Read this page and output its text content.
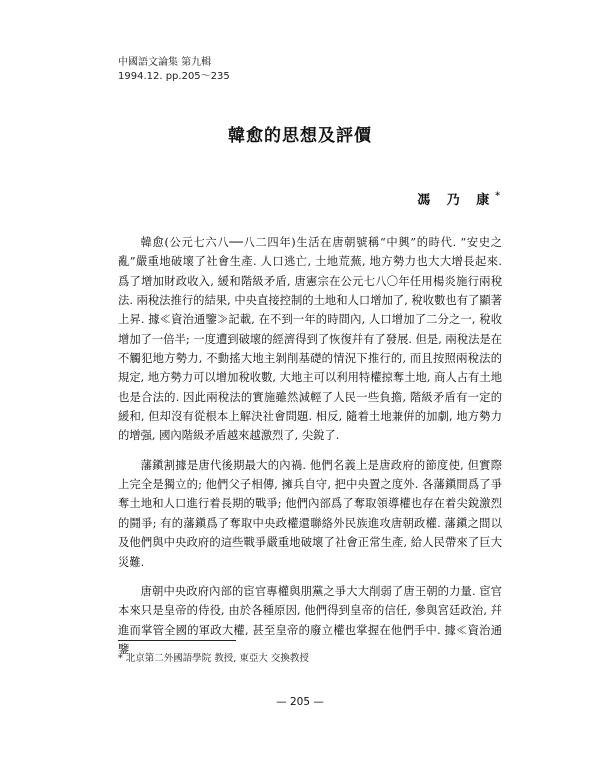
中國語文論集 第九輯
1994.12. pp.205～235
韓愈的思想及評價
馮 乃 康*

韓愈(公元七六八──八二四年)生活在唐朝號稱“中興”的時代. “安史之亂”嚴重地破壞了社會生產. 人口逃亡, 土地荒蕪, 地方勢力也大大增長起來. 爲了增加財政收入, 緩和階級矛盾, 唐憲宗在公元七八〇年任用楊炎施行兩稅法. 兩稅法推行的結果, 中央直接控制的土地和人口增加了, 稅收數也有了顯著上昇. 據≪資治通鑒≫記載, 在不到一年的時間內, 人口增加了二分之一, 稅收增加了一倍半; 一度遭到破壞的經濟得到了恢復幷有了發展. 但是, 兩稅法是在不觸犯地方勢力, 不動搖大地主剝削基礎的情況下推行的, 而且按照兩稅法的規定, 地方勢力可以增加稅收數, 大地主可以利用特權掠奪土地, 商人占有土地也是合法的. 因此兩稅法的實施雖然減輕了人民一些負擔, 階級矛盾有一定的緩和, 但却沒有從根本上解決社會問題. 相反, 隨着土地兼倂的加劇, 地方勢力的增强, 國內階級矛盾越來越激烈了, 尖銳了.

藩鎭割據是唐代後期最大的內禍. 他們名義上是唐政府的節度使, 但實際上完全是獨立的; 他們父子相傳, 擁兵自守, 把中央置之度外. 各藩鎭間爲了爭奪土地和人口進行着長期的戰爭; 他們內部爲了奪取領導權也存在着尖銳激烈的鬪爭; 有的藩鎭爲了奪取中央政權還聯絡外民族進攻唐朝政權. 藩鎭之間以及他們與中央政府的這些戰爭嚴重地破壞了社會正常生產, 給人民帶來了巨大災難.

唐朝中央政府內部的宦官專權與朋黨之爭大大削弱了唐王朝的力量. 宦官本來只是皇帝的侍役, 由於各種原因, 他們得到皇帝的信任, 參與宮廷政治, 幷進而掌管全國的軍政大權, 甚至皇帝的廢立權也掌握在他們手中. 據≪資治通鑒

* 北京第二外國語學院 教授, 東亞大 交換教授
— 205 —
